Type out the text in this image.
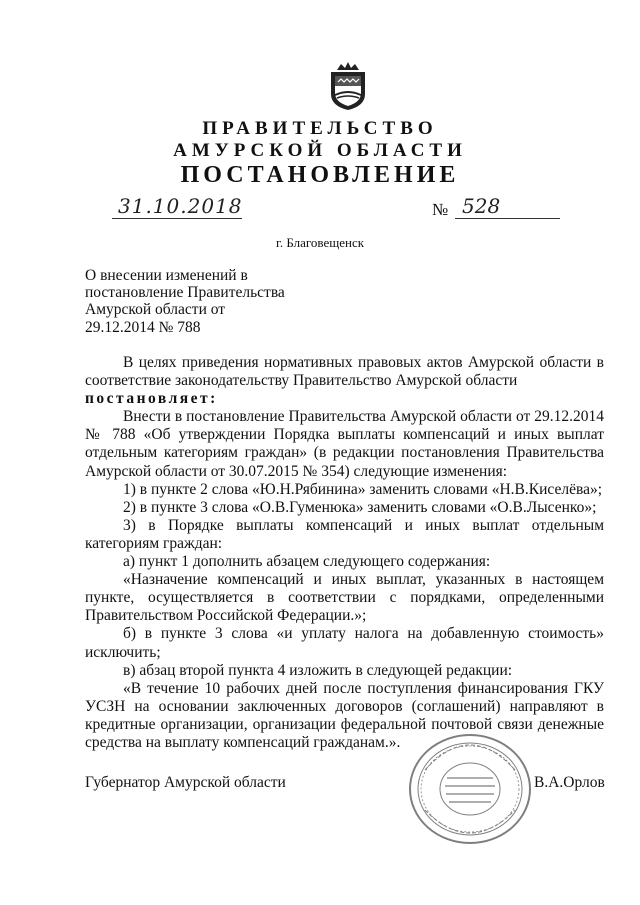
ПРАВИТЕЛЬСТВО
АМУРСКОЙ ОБЛАСТИ
ПОСТАНОВЛЕНИЕ
31.10.2018	№ 528
г. Благовещенск
О внесении изменений в
постановление Правительства
Амурской области от
29.12.2014 № 788
В целях приведения нормативных правовых актов Амурской области в
соответствие законодательству Правительство Амурской области
постановляет:
Внести в постановление Правительства Амурской области от 29.12.2014
№ 788 «Об утверждении Порядка выплаты компенсаций и иных выплат
отдельным категориям граждан» (в редакции постановления Правительства
Амурской области от 30.07.2015 № 354) следующие изменения:
1) в пункте 2 слова «Ю.Н.Рябинина» заменить словами «Н.В.Киселёва»;
2) в пункте 3 слова «О.В.Гуменюка» заменить словами «О.В.Лысенко»;
3) в Порядке выплаты компенсаций и иных выплат отдельным
категориям граждан:
а) пункт 1 дополнить абзацем следующего содержания:
«Назначение компенсаций и иных выплат, указанных в настоящем
пункте, осуществляется в соответствии с порядками, определенными
Правительством Российской Федерации.»;
б) в пункте 3 слова «и уплату налога на добавленную стоимость»
исключить;
в) абзац второй пункта 4 изложить в следующей редакции:
«В течение 10 рабочих дней после поступления финансирования ГКУ
УСЗН на основании заключенных договоров (соглашений) направляют в
кредитные организации, организации федеральной почтовой связи денежные
средства на выплату компенсаций гражданам.».
Губернатор Амурской области	В.А.Орлов
